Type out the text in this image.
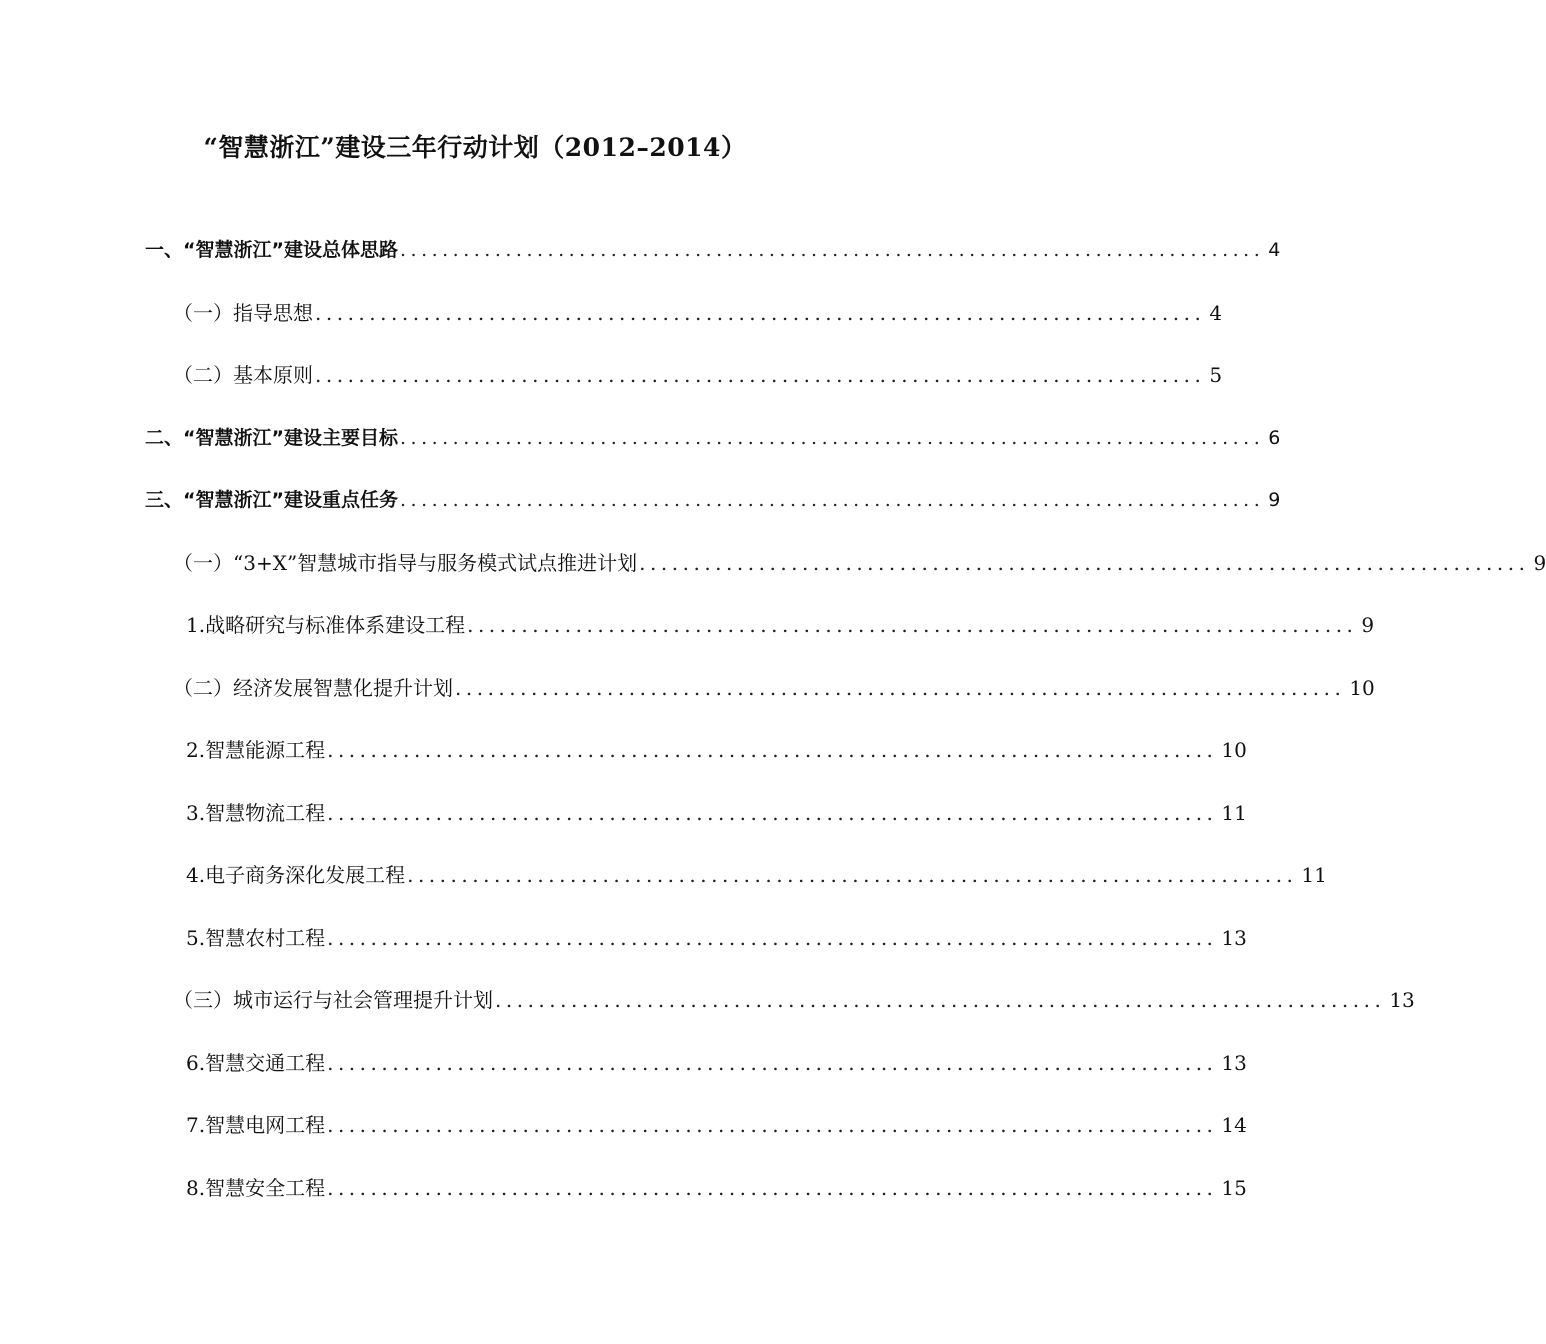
“智慧浙江”建设三年行动计划（2012–2014）
一、“智慧浙江”建设总体思路 .................................................................................. 4
（一）指导思想 .................................................................................. 4
（二）基本原则 .................................................................................. 5
二、“智慧浙江”建设主要目标 .................................................................................. 6
三、“智慧浙江”建设重点任务 .................................................................................. 9
（一）“3+X”智慧城市指导与服务模式试点推进计划 .................................................................................. 9
1.战略研究与标准体系建设工程 .................................................................................. 9
（二）经济发展智慧化提升计划 .................................................................................. 10
2.智慧能源工程 .................................................................................. 10
3.智慧物流工程 .................................................................................. 11
4.电子商务深化发展工程 .................................................................................. 11
5.智慧农村工程 .................................................................................. 13
（三）城市运行与社会管理提升计划 .................................................................................. 13
6.智慧交通工程 .................................................................................. 13
7.智慧电网工程 .................................................................................. 14
8.智慧安全工程 .................................................................................. 15
